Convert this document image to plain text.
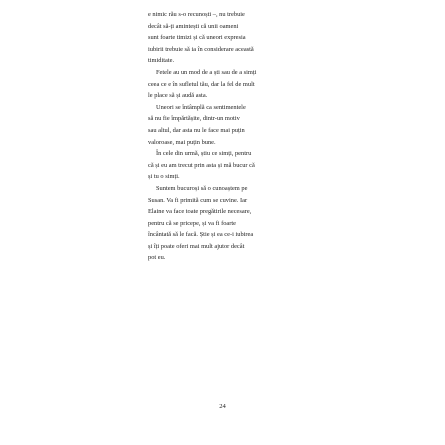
e nimic rău s-o recunoști –, nu trebuie
decât să-ți amintești că unii oameni
sunt foarte timizi și că uneori expresia
iubirii trebuie să ia în considerare această
timiditate.
Fetele au un mod de a ști sau de a simți
ceea ce e în sufletul tău, dar la fel de mult
le place să și audă asta.
Uneori se întâmplă ca sentimentele
să nu fie împărtășite, dintr-un motiv
sau altul, dar asta nu le face mai puțin
valoroase, mai puțin bune.
În cele din urmă, știu ce simți, pentru
că și eu am trecut prin asta și mă bucur că
și tu o simți.
Suntem bucuroși să o cunoaștem pe
Susan. Va fi primită cum se cuvine. Iar
Elaine va face toate pregătirile necesare,
pentru că se pricepe, și va fi foarte
încântată să le facă. Știe și ea ce-i iubirea
și îți poate oferi mai mult ajutor decât
pot eu.
24
